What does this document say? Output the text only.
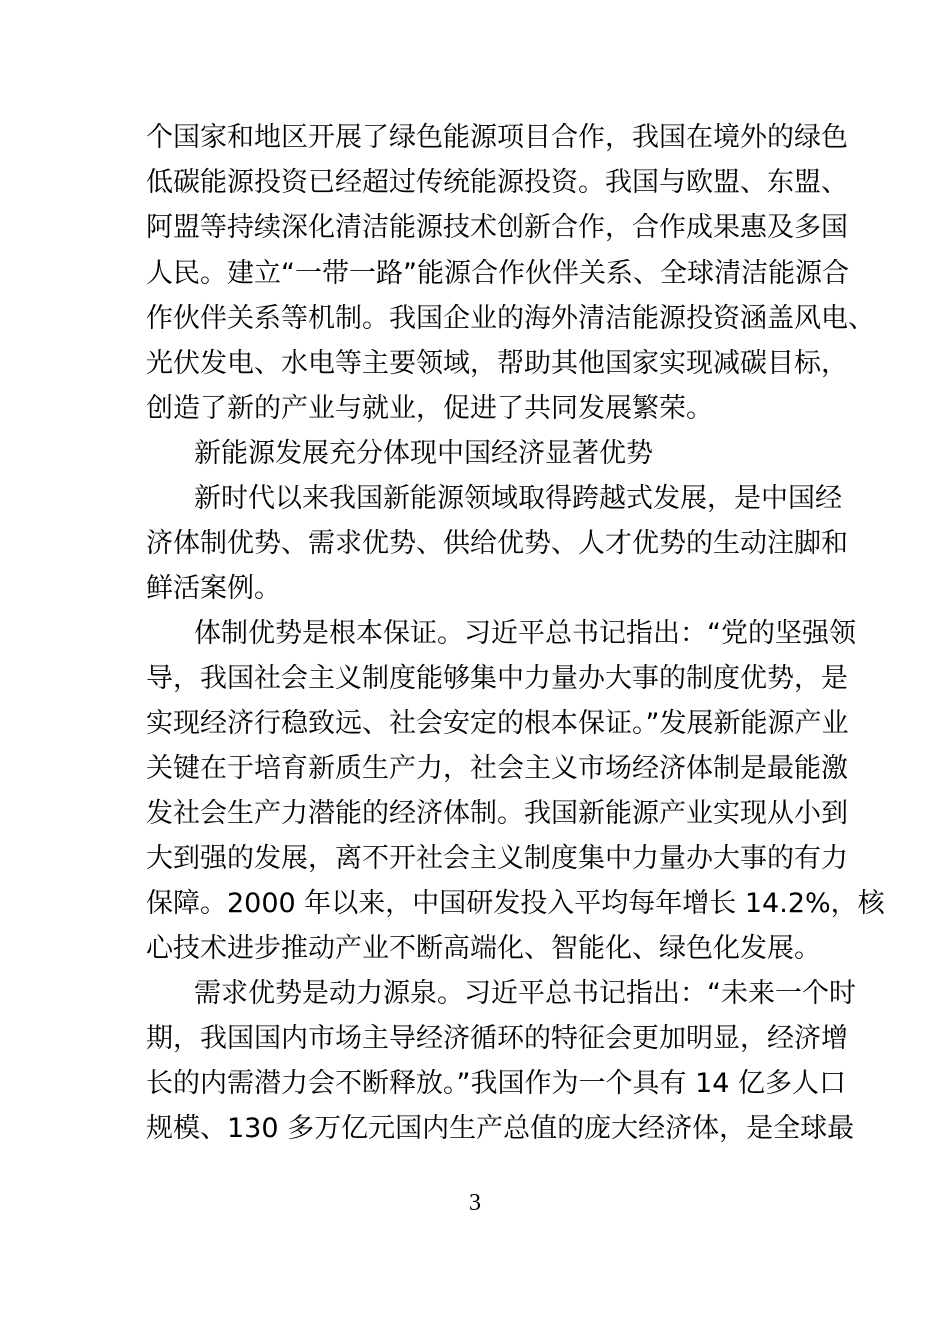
个国家和地区开展了绿色能源项目合作，我国在境外的绿色
低碳能源投资已经超过传统能源投资。我国与欧盟、东盟、
阿盟等持续深化清洁能源技术创新合作，合作成果惠及多国
人民。建立“一带一路”能源合作伙伴关系、全球清洁能源合
作伙伴关系等机制。我国企业的海外清洁能源投资涵盖风电、
光伏发电、水电等主要领域，帮助其他国家实现减碳目标，
创造了新的产业与就业，促进了共同发展繁荣。
新能源发展充分体现中国经济显著优势
新时代以来我国新能源领域取得跨越式发展，是中国经
济体制优势、需求优势、供给优势、人才优势的生动注脚和
鲜活案例。
体制优势是根本保证。习近平总书记指出：“党的坚强领
导，我国社会主义制度能够集中力量办大事的制度优势，是
实现经济行稳致远、社会安定的根本保证。”发展新能源产业
关键在于培育新质生产力，社会主义市场经济体制是最能激
发社会生产力潜能的经济体制。我国新能源产业实现从小到
大到强的发展，离不开社会主义制度集中力量办大事的有力
保障。2000 年以来，中国研发投入平均每年增长 14.2%，核
心技术进步推动产业不断高端化、智能化、绿色化发展。
需求优势是动力源泉。习近平总书记指出：“未来一个时
期，我国国内市场主导经济循环的特征会更加明显，经济增
长的内需潜力会不断释放。”我国作为一个具有 14 亿多人口
规模、130 多万亿元国内生产总值的庞大经济体，是全球最
3
